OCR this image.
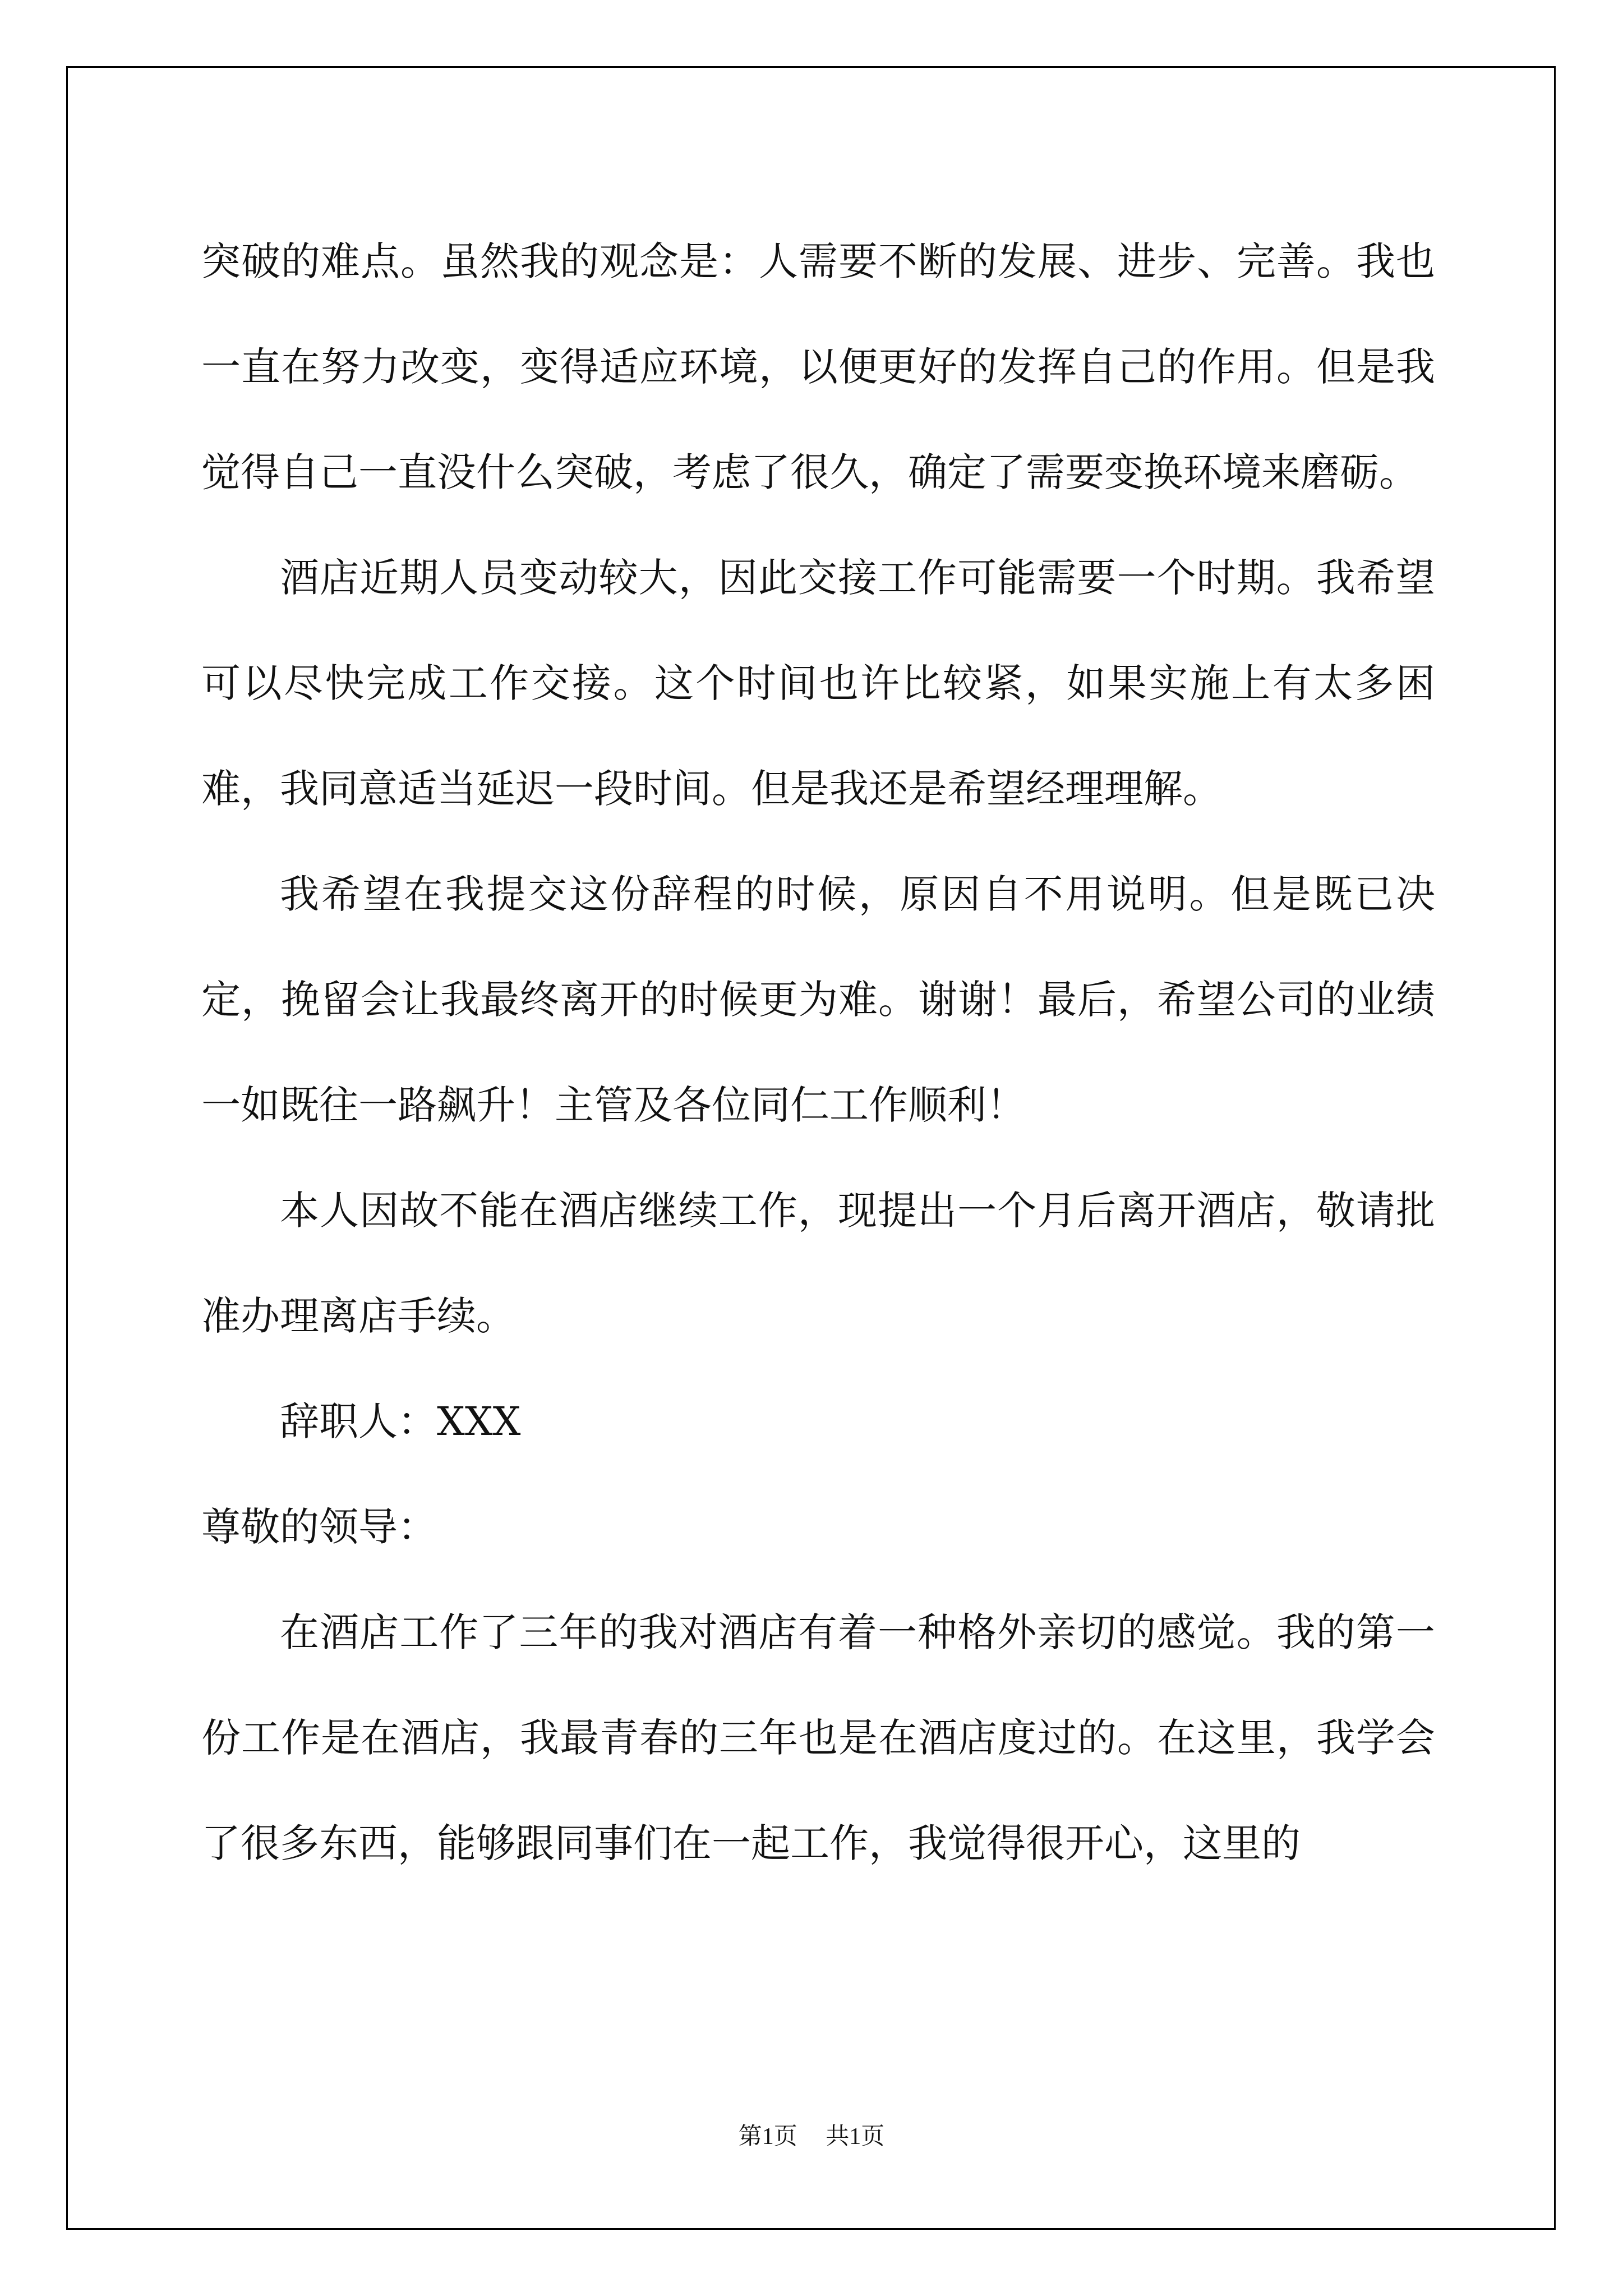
突破的难点。虽然我的观念是：人需要不断的发展、进步、完善。我也一直在努力改变，变得适应环境，以便更好的发挥自己的作用。但是我觉得自己一直没什么突破，考虑了很久，确定了需要变换环境来磨砺。

酒店近期人员变动较大，因此交接工作可能需要一个时期。我希望可以尽快完成工作交接。这个时间也许比较紧，如果实施上有太多困难，我同意适当延迟一段时间。但是我还是希望经理理解。

我希望在我提交这份辞程的时候，原因自不用说明。但是既已决定，挽留会让我最终离开的时候更为难。谢谢！最后，希望公司的业绩一如既往一路飙升！主管及各位同仁工作顺利！

本人因故不能在酒店继续工作，现提出一个月后离开酒店，敬请批准办理离店手续。

辞职人：XXX

尊敬的领导：

在酒店工作了三年的我对酒店有着一种格外亲切的感觉。我的第一份工作是在酒店，我最青春的三年也是在酒店度过的。在这里，我学会了很多东西，能够跟同事们在一起工作，我觉得很开心，这里的

第1页 共1页
